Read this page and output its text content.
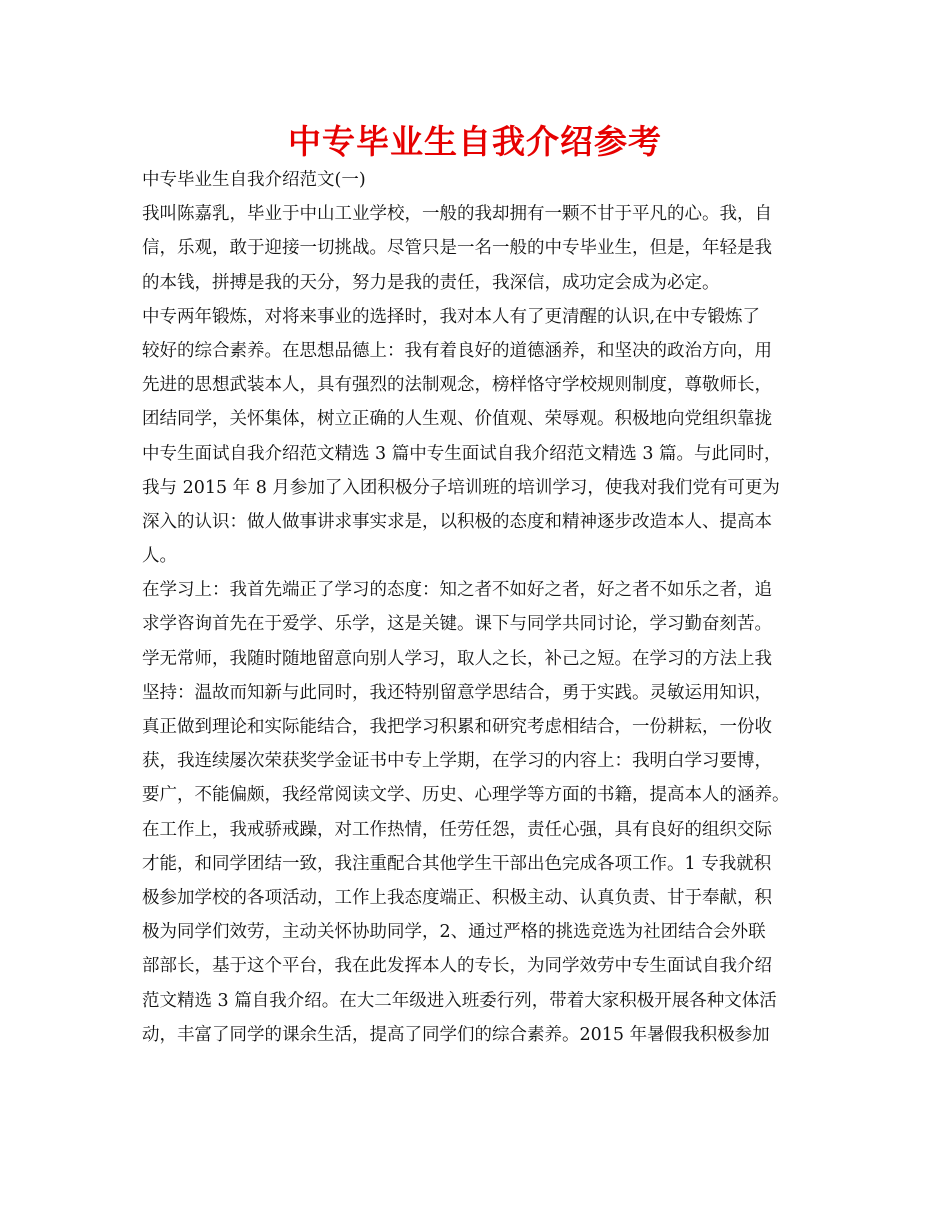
中专毕业生自我介绍参考
中专毕业生自我介绍范文(一)
我叫陈嘉乳，毕业于中山工业学校，一般的我却拥有一颗不甘于平凡的心。我，自
信，乐观，敢于迎接一切挑战。尽管只是一名一般的中专毕业生，但是，年轻是我
的本钱，拼搏是我的天分，努力是我的责任，我深信，成功定会成为必定。
中专两年锻炼，对将来事业的选择时，我对本人有了更清醒的认识,在中专锻炼了
较好的综合素养。在思想品德上：我有着良好的道德涵养，和坚决的政治方向，用
先进的思想武装本人，具有强烈的法制观念，榜样恪守学校规则制度，尊敬师长，
团结同学，关怀集体，树立正确的人生观、价值观、荣辱观。积极地向党组织靠拢
中专生面试自我介绍范文精选 3 篇中专生面试自我介绍范文精选 3 篇。与此同时，
我与 2015 年 8 月参加了入团积极分子培训班的培训学习，使我对我们党有可更为
深入的认识：做人做事讲求事实求是，以积极的态度和精神逐步改造本人、提高本
人。
在学习上：我首先端正了学习的态度：知之者不如好之者，好之者不如乐之者，追
求学咨询首先在于爱学、乐学，这是关键。课下与同学共同讨论，学习勤奋刻苦。
学无常师，我随时随地留意向别人学习，取人之长，补己之短。在学习的方法上我
坚持：温故而知新与此同时，我还特别留意学思结合，勇于实践。灵敏运用知识，
真正做到理论和实际能结合，我把学习积累和研究考虑相结合，一份耕耘，一份收
获，我连续屡次荣获奖学金证书中专上学期，在学习的内容上：我明白学习要博，
要广，不能偏颇，我经常阅读文学、历史、心理学等方面的书籍，提高本人的涵养。
在工作上，我戒骄戒躁，对工作热情，任劳任怨，责任心强，具有良好的组织交际
才能，和同学团结一致，我注重配合其他学生干部出色完成各项工作。1 专我就积
极参加学校的各项活动，工作上我态度端正、积极主动、认真负责、甘于奉献，积
极为同学们效劳，主动关怀协助同学，2、通过严格的挑选竞选为社团结合会外联
部部长，基于这个平台，我在此发挥本人的专长，为同学效劳中专生面试自我介绍
范文精选 3 篇自我介绍。在大二年级进入班委行列，带着大家积极开展各种文体活
动，丰富了同学的课余生活，提高了同学们的综合素养。2015 年暑假我积极参加
